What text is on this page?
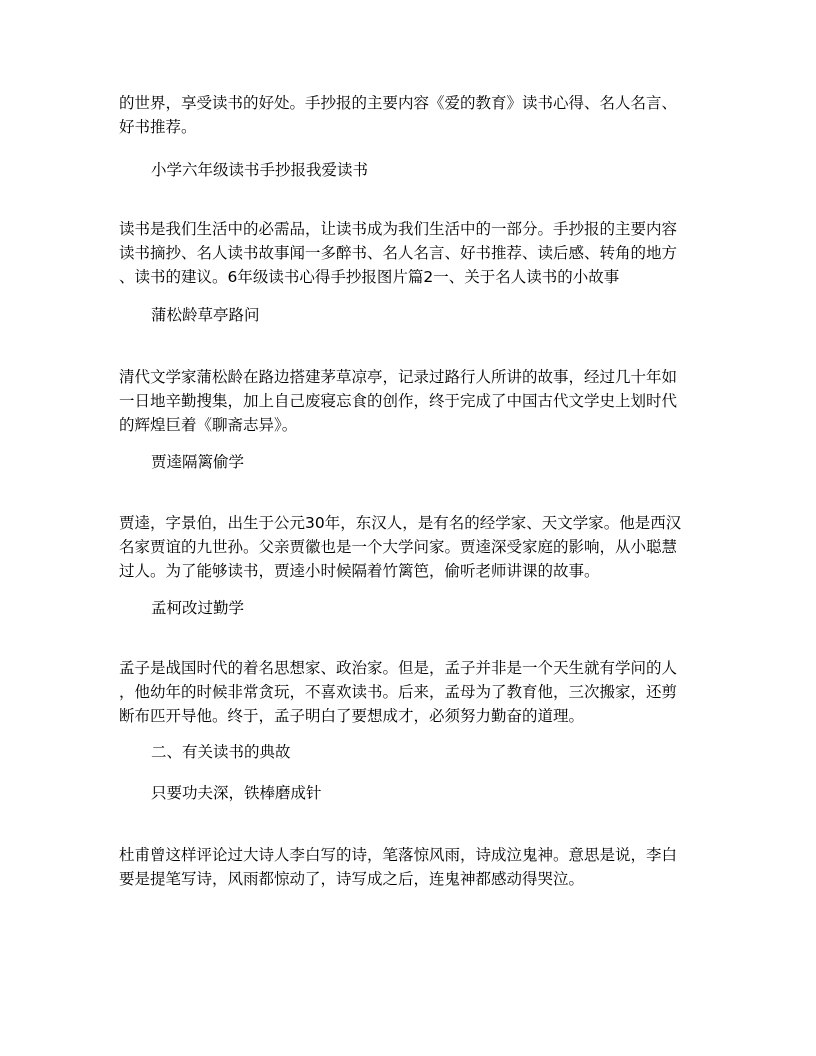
的世界，享受读书的好处。手抄报的主要内容《爱的教育》读书心得、名人名言、
好书推荐。

小学六年级读书手抄报我爱读书

读书是我们生活中的必需品，让读书成为我们生活中的一部分。手抄报的主要内容
读书摘抄、名人读书故事闻一多醉书、名人名言、好书推荐、读后感、转角的地方
、读书的建议。6年级读书心得手抄报图片篇2一、关于名人读书的小故事

蒲松龄草亭路问

清代文学家蒲松龄在路边搭建茅草凉亭，记录过路行人所讲的故事，经过几十年如
一日地辛勤搜集，加上自己废寝忘食的创作，终于完成了中国古代文学史上划时代
的辉煌巨着《聊斋志异》。

贾逵隔篱偷学

贾逵，字景伯，出生于公元30年，东汉人，是有名的经学家、天文学家。他是西汉
名家贾谊的九世孙。父亲贾徽也是一个大学问家。贾逵深受家庭的影响，从小聪慧
过人。为了能够读书，贾逵小时候隔着竹篱笆，偷听老师讲课的故事。

孟柯改过勤学

孟子是战国时代的着名思想家、政治家。但是，孟子并非是一个天生就有学问的人
，他幼年的时候非常贪玩，不喜欢读书。后来，孟母为了教育他，三次搬家，还剪
断布匹开导他。终于，孟子明白了要想成才，必须努力勤奋的道理。

二、有关读书的典故

只要功夫深，铁棒磨成针

杜甫曾这样评论过大诗人李白写的诗，笔落惊风雨，诗成泣鬼神。意思是说，李白
要是提笔写诗，风雨都惊动了，诗写成之后，连鬼神都感动得哭泣。
